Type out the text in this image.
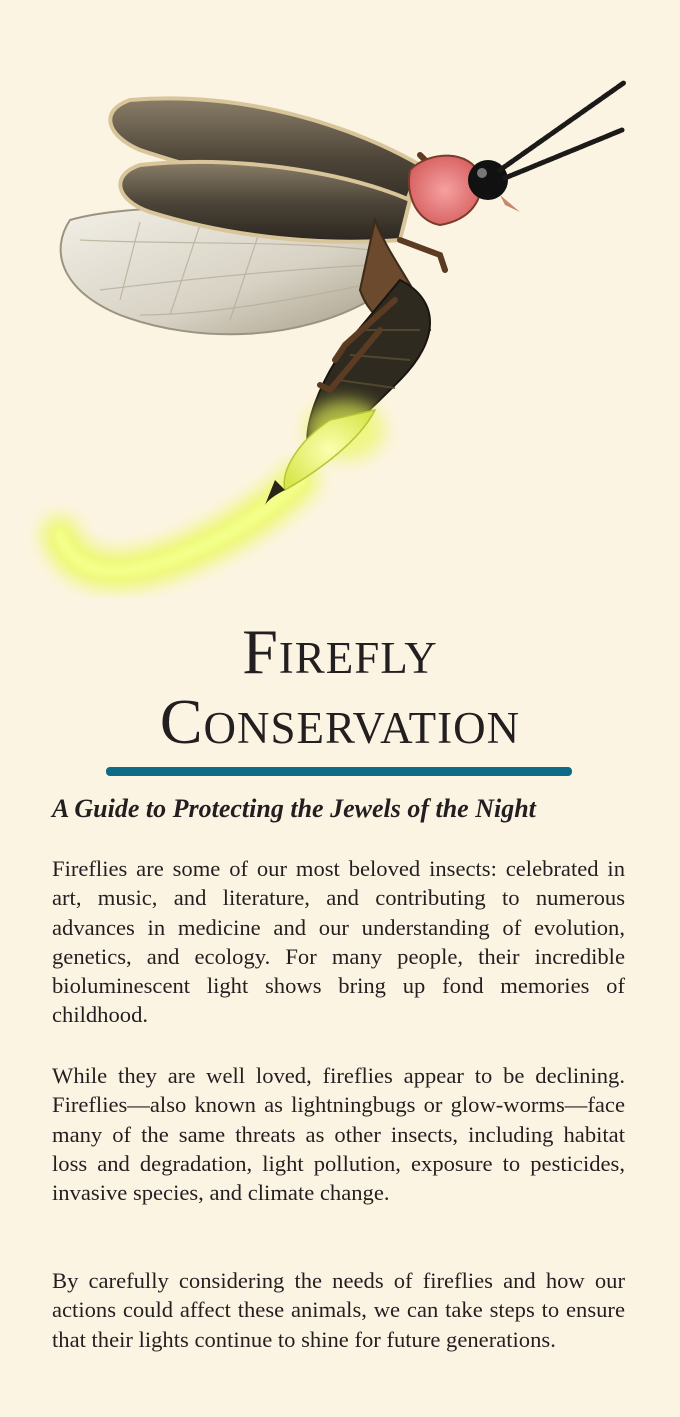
Firefly
Conservation
A Guide to Protecting the Jewels of the Night

Fireflies are some of our most beloved insects: celebrated in art, music, and literature, and contributing to numerous advances in medicine and our understanding of evolution, genetics, and ecology. For many people, their incredible bioluminescent light shows bring up fond memories of childhood.

While they are well loved, fireflies appear to be declining. Fireflies—also known as lightningbugs or glow-worms—face many of the same threats as other insects, including habitat loss and degradation, light pollution, exposure to pesticides, invasive species, and climate change.

By carefully considering the needs of fireflies and how our actions could affect these animals, we can take steps to ensure that their lights continue to shine for future generations.
